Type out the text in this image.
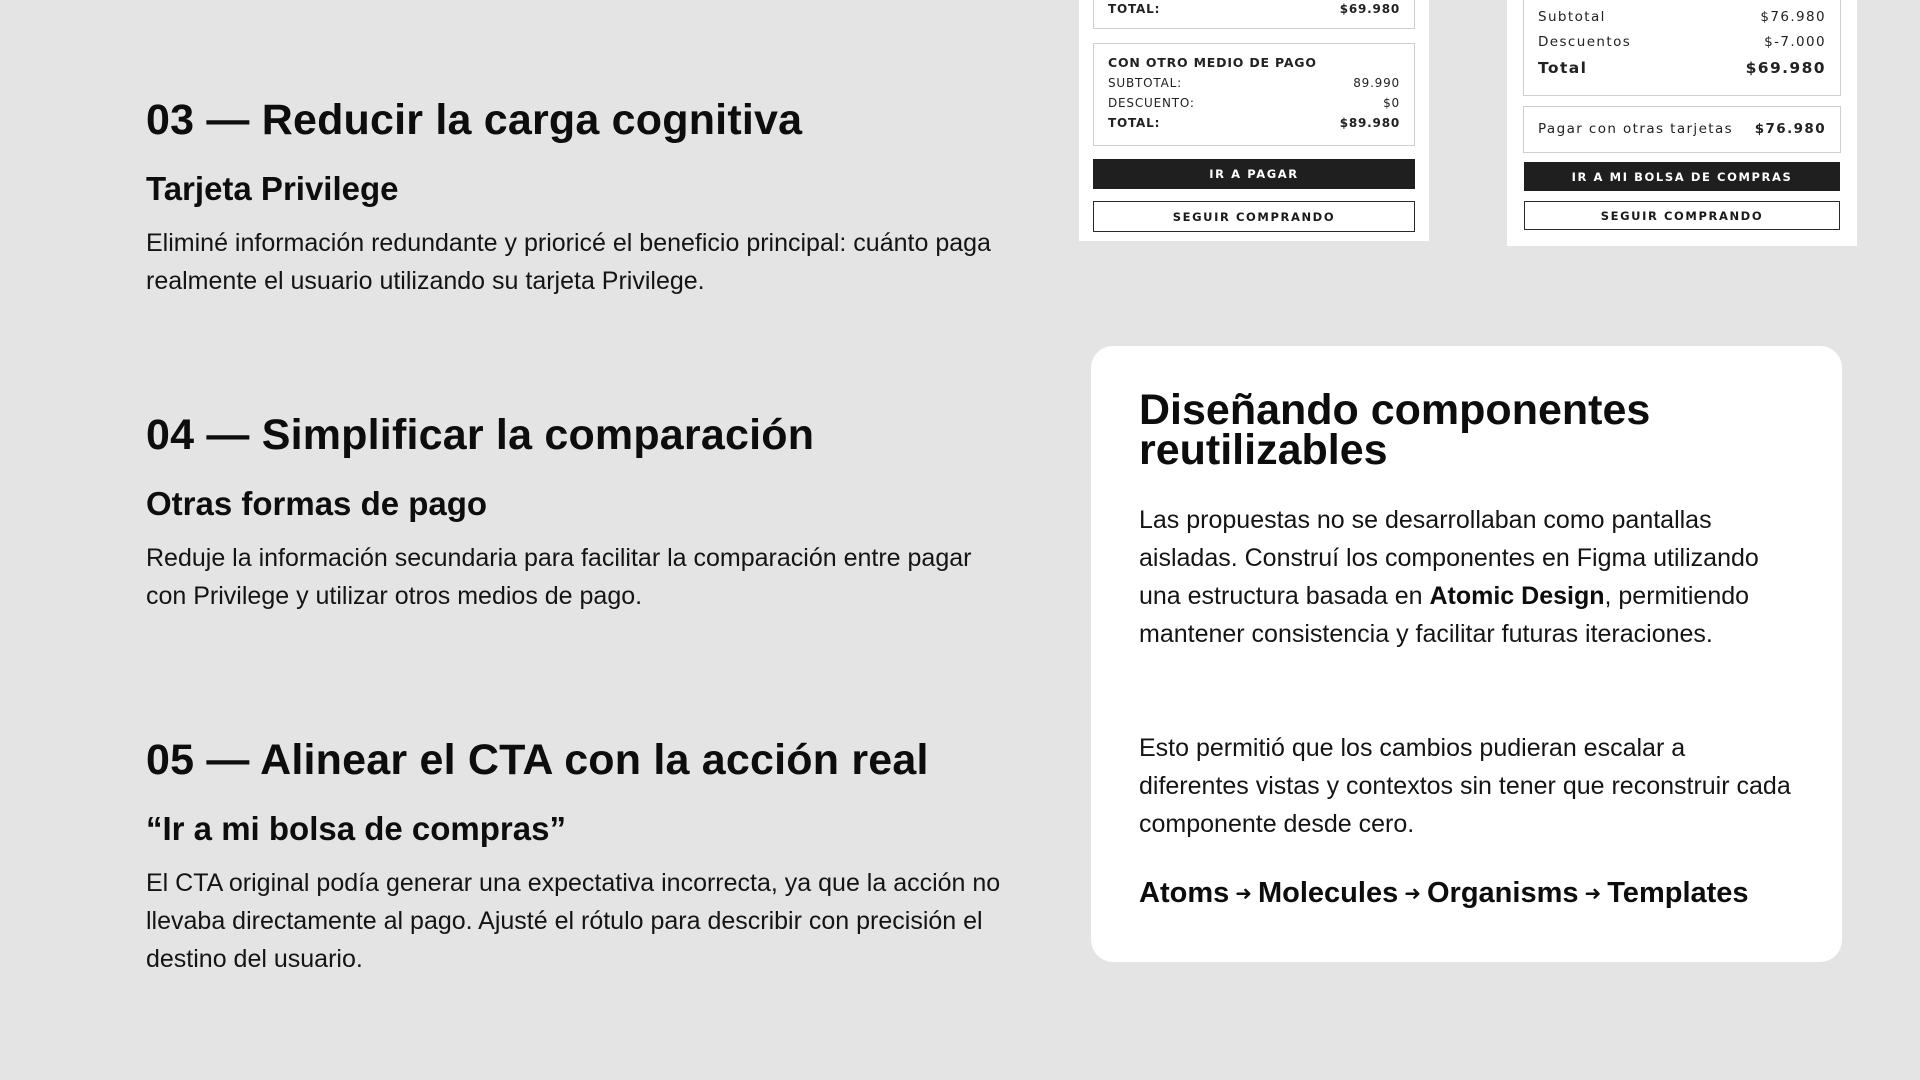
03 — Reducir la carga cognitiva
Tarjeta Privilege

Eliminé información redundante y prioricé el beneficio principal: cuánto paga realmente el usuario utilizando su tarjeta Privilege.

04 — Simplificar la comparación
Otras formas de pago

Reduje la información secundaria para facilitar la comparación entre pagar con Privilege y utilizar otros medios de pago.

05 — Alinear el CTA con la acción real
“Ir a mi bolsa de compras”

El CTA original podía generar una expectativa incorrecta, ya que la acción no llevaba directamente al pago. Ajusté el rótulo para describir con precisión el destino del usuario.

TOTAL:	$69.980
CON OTRO MEDIO DE PAGO
SUBTOTAL:	89.990
DESCUENTO:	$0
TOTAL:	$89.980
IR A PAGAR
SEGUIR COMPRANDO
Subtotal	$76.980
Descuentos	$-7.000
Total	$69.980
Pagar con otras tarjetas $76.980
IR A MI BOLSA DE COMPRAS
SEGUIR COMPRANDO
Diseñando componentes reutilizables

Las propuestas no se desarrollaban como pantallas aisladas. Construí los componentes en Figma utilizando una estructura basada en Atomic Design, permitiendo mantener consistencia y facilitar futuras iteraciones.

Esto permitió que los cambios pudieran escalar a diferentes vistas y contextos sin tener que reconstruir cada componente desde cero.

Atoms ➜ Molecules ➜ Organisms ➜ Templates
